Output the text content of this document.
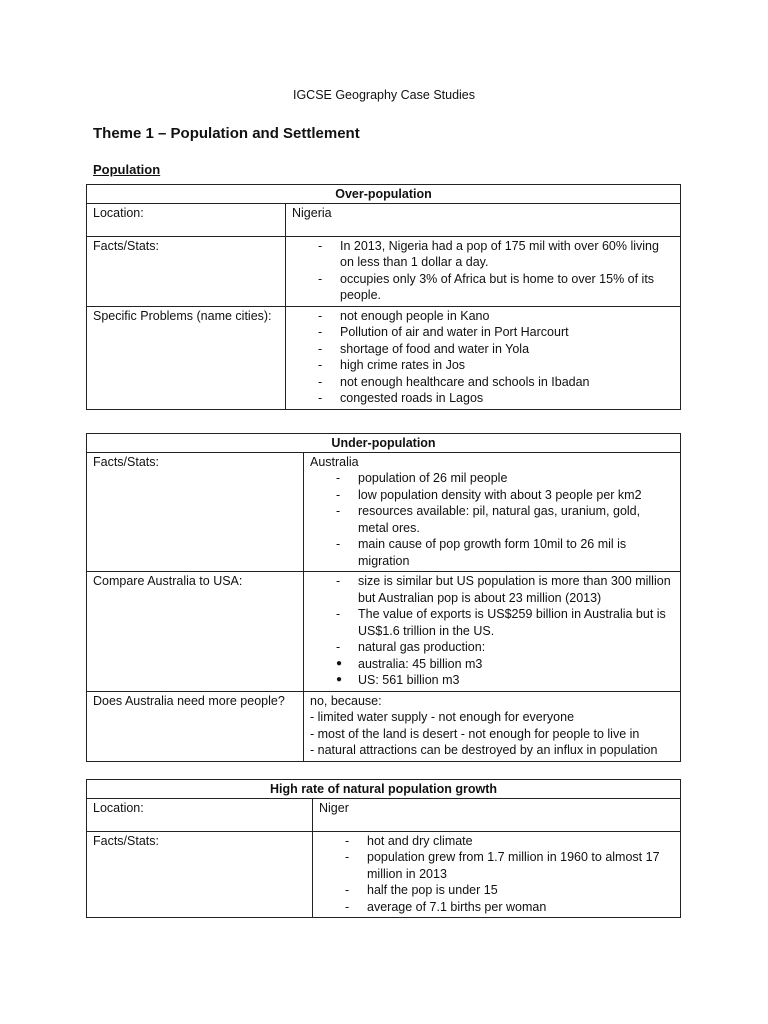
IGCSE Geography Case Studies
Theme 1 – Population and Settlement
Population
Over-population	
Location:	Nigeria
Facts/Stats:	
-In 2013, Nigeria had a pop of 175 mil with over 60% living on less than 1 dollar a day.
- occupies only 3% of Africa but is home to over 15% of its people.

Specific Problems (name cities):	
-not enough people in Kano
- Pollution of air and water in Port Harcourt
- shortage of food and water in Yola
- high crime rates in Jos
- not enough healthcare and schools in Ibadan
- congested roads in Lagos
Under-population	
Facts/Stats:	Australia
- population of 26 mil people
- low population density with about 3 people per km2
- resources available: pil, natural gas, uranium, gold, metal ores.
- main cause of pop growth form 10mil to 26 mil is migration

Compare Australia to USA:	
-size is similar but US population is more than 300 million but Australian pop is about 23 million (2013)
- The value of exports is US$259 billion in Australia but is US$1.6 trillion in the US.
- natural gas production:
● australia: 45 billion m3
● US: 561 billion m3

Does Australia need more people?	no, because:
- limited water supply - not enough for everyone
- most of the land is desert - not enough for people to live in
- natural attractions can be destroyed by an influx in population
High rate of natural population growth	
Location:	Niger
Facts/Stats:	
-hot and dry climate
- population grew from 1.7 million in 1960 to almost 17 million in 2013
- half the pop is under 15
- average of 7.1 births per woman
